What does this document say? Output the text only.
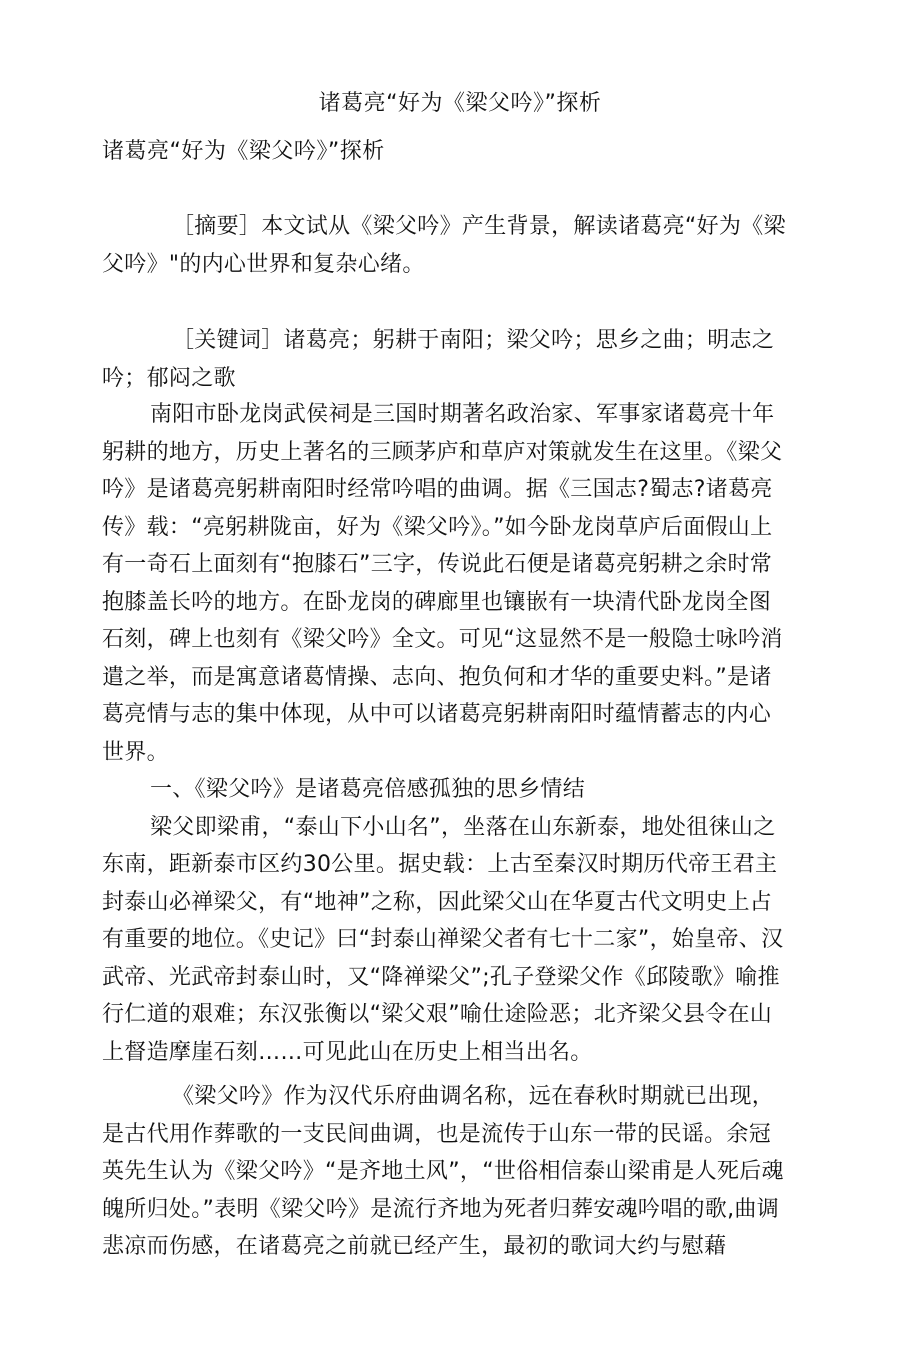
诸葛亮“好为《梁父吟》”探析
诸葛亮“好为《梁父吟》”探析

［摘要］本文试从《梁父吟》产生背景，解读诸葛亮“好为《梁父吟》"的内心世界和复杂心绪。

［关键词］诸葛亮；躬耕于南阳；梁父吟；思乡之曲；明志之吟；郁闷之歌

南阳市卧龙岗武侯祠是三国时期著名政治家、军事家诸葛亮十年躬耕的地方，历史上著名的三顾茅庐和草庐对策就发生在这里。《梁父吟》是诸葛亮躬耕南阳时经常吟唱的曲调。据《三国志?蜀志?诸葛亮传》载：“亮躬耕陇亩，好为《梁父吟》。”如今卧龙岗草庐后面假山上有一奇石上面刻有“抱膝石”三字，传说此石便是诸葛亮躬耕之余时常抱膝盖长吟的地方。在卧龙岗的碑廊里也镶嵌有一块清代卧龙岗全图石刻，碑上也刻有《梁父吟》全文。可见“这显然不是一般隐士咏吟消遣之举，而是寓意诸葛情操、志向、抱负何和才华的重要史料。”是诸葛亮情与志的集中体现，从中可以诸葛亮躬耕南阳时蕴情蓄志的内心世界。

一、《梁父吟》是诸葛亮倍感孤独的思乡情结

梁父即梁甫，“泰山下小山名”，坐落在山东新泰，地处徂徕山之东南，距新泰市区约30公里。据史载：上古至秦汉时期历代帝王君主封泰山必禅梁父，有“地神”之称，因此梁父山在华夏古代文明史上占有重要的地位。《史记》曰“封泰山禅梁父者有七十二家”，始皇帝、汉武帝、光武帝封泰山时，又“降禅梁父”;孔子登梁父作《邱陵歌》喻推行仁道的艰难；东汉张衡以“梁父艰”喻仕途险恶；北齐梁父县令在山上督造摩崖石刻……可见此山在历史上相当出名。

《梁父吟》作为汉代乐府曲调名称，远在春秋时期就已出现，是古代用作葬歌的一支民间曲调，也是流传于山东一带的民谣。余冠英先生认为《梁父吟》“是齐地土风”，“世俗相信泰山梁甫是人死后魂魄所归处。”表明《梁父吟》是流行齐地为死者归葬安魂吟唱的歌,曲调悲凉而伤感，在诸葛亮之前就已经产生，最初的歌词大约与慰藉
